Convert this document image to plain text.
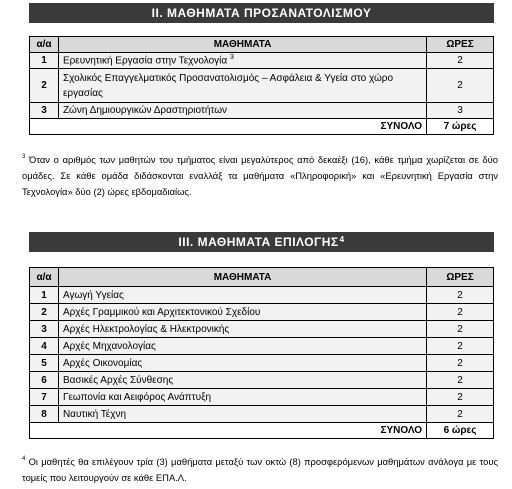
ΙΙ. ΜΑΘΗΜΑΤΑ ΠΡΟΣΑΝΑΤΟΛΙΣΜΟΥ
α/α	ΜΑΘΗΜΑΤΑ	ΩΡΕΣ
1	Ερευνητική Εργασία στην Τεχνολογία $^3$	2
2	Σχολικός Επαγγελματικός Προσανατολισμός – Ασφάλεια & Υγεία στο χώρο εργασίας	2
3	Ζώνη Δημιουργικών Δραστηριοτήτων	3
ΣΥΝΟΛΟ		7 ώρες
$^3$ Όταν ο αριθμός των μαθητών του τμήματος είναι μεγαλύτερος από δεκαέξι (16), κάθε τμήμα χωρίζεται σε δύο ομάδες. Σε κάθε ομάδα διδάσκονται εναλλάξ τα μαθήματα «Πληροφορική» και «Ερευνητική Εργασία στην Τεχνολογία» δύο (2) ώρες εβδομαδιαίως.
ΙΙΙ. ΜΑΘΗΜΑΤΑ ΕΠΙΛΟΓΗΣ$^4$
α/α	ΜΑΘΗΜΑΤΑ	ΩΡΕΣ
1	Αγωγή Υγείας	2
2	Αρχές Γραμμικού και Αρχιτεκτονικού Σχεδίου	2
3	Αρχές Ηλεκτρολογίας & Ηλεκτρονικής	2
4	Αρχές Μηχανολογίας	2
5	Αρχές Οικονομίας	2
6	Βασικές Αρχές Σύνθεσης	2
7	Γεωπονία και Αειφόρος Ανάπτυξη	2
8	Ναυτική Τέχνη	2
ΣΥΝΟΛΟ		6 ώρες
$^4$ Οι μαθητές θα επιλέγουν τρία (3) μαθήματα μεταξύ των οκτώ (8) προσφερόμενων μαθημάτων ανάλογα με τους τομείς που λειτουργούν σε κάθε ΕΠΑ.Λ.
